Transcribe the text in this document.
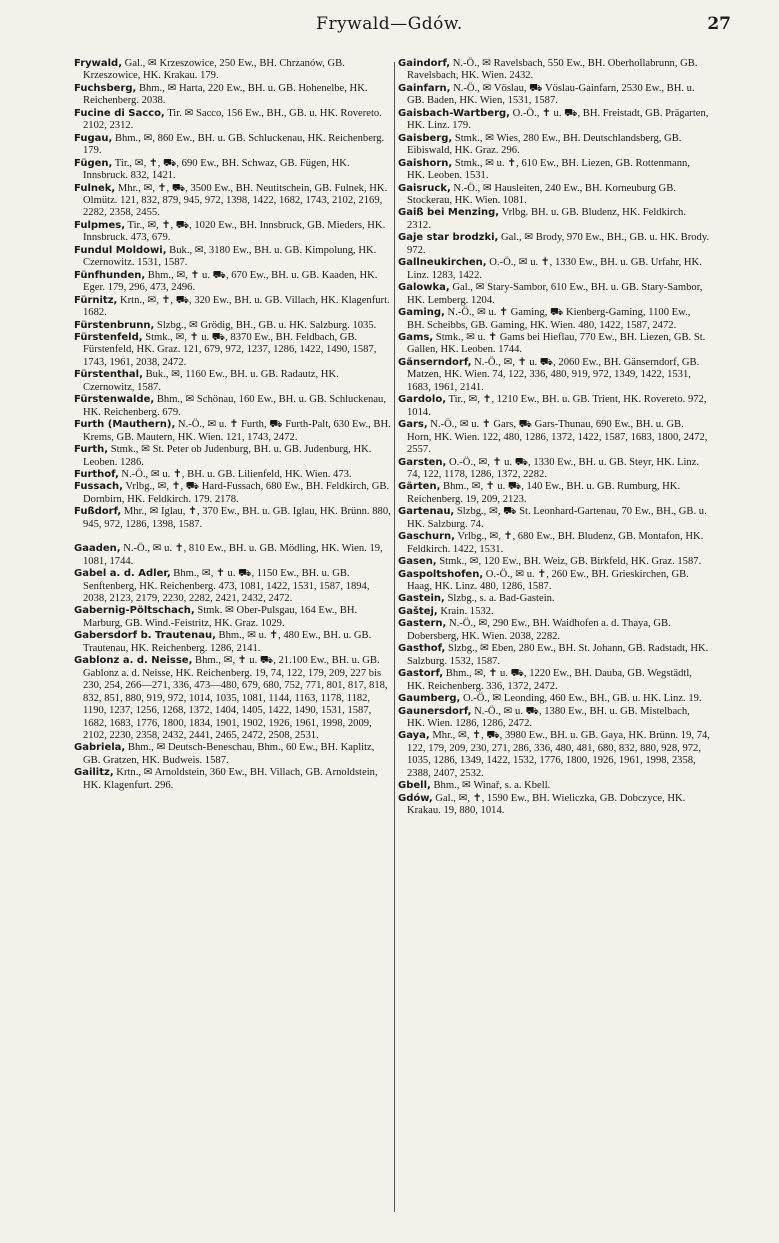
Frywald—Gdów.	27

Frywald, Gal., ✉ Krzeszowice, 250 Ew., BH. Chrzanów, GB. Krzeszowice, HK. Krakau. 179.

Fuchsberg, Bhm., ✉ Harta, 220 Ew., BH. u. GB. Hohenelbe, HK. Reichenberg. 2038.

Fucine di Sacco, Tir. ✉ Sacco, 156 Ew., BH., GB. u. HK. Rovereto. 2102, 2312.

Fugau, Bhm., ✉, 860 Ew., BH. u. GB. Schluckenau, HK. Reichenberg. 179.

Fügen, Tir., ✉, ✝, ⛟, 690 Ew., BH. Schwaz, GB. Fügen, HK. Innsbruck. 832, 1421.

Fulnek, Mhr., ✉, ✝, ⛟, 3500 Ew., BH. Neutitschein, GB. Fulnek, HK. Olmütz. 121, 832, 879, 945, 972, 1398, 1422, 1682, 1743, 2102, 2169, 2282, 2358, 2455.

Fulpmes, Tir., ✉, ✝, ⛟, 1020 Ew., BH. Innsbruck, GB. Mieders, HK. Innsbruck. 473, 679.

Fundul Moldowi, Buk., ✉, 3180 Ew., BH. u. GB. Kimpolung, HK. Czernowitz. 1531, 1587.

Fünfhunden, Bhm., ✉, ✝ u. ⛟, 670 Ew., BH. u. GB. Kaaden, HK. Eger. 179, 296, 473, 2496.

Fürnitz, Krtn., ✉, ✝, ⛟, 320 Ew., BH. u. GB. Villach, HK. Klagenfurt. 1682.

Fürstenbrunn, Slzbg., ✉ Grödig, BH., GB. u. HK. Salzburg. 1035.

Fürstenfeld, Stmk., ✉, ✝ u. ⛟, 8370 Ew., BH. Feldbach, GB. Fürstenfeld, HK. Graz. 121, 679, 972, 1237, 1286, 1422, 1490, 1587, 1743, 1961, 2038, 2472.

Fürstenthal, Buk., ✉, 1160 Ew., BH. u. GB. Radautz, HK. Czernowitz, 1587.

Fürstenwalde, Bhm., ✉ Schönau, 160 Ew., BH. u. GB. Schluckenau, HK. Reichenberg. 679.

Furth (Mauthern), N.-Ö., ✉ u. ✝ Furth, ⛟ Furth-Palt, 630 Ew., BH. Krems, GB. Mautern, HK. Wien. 121, 1743, 2472.

Furth, Stmk., ✉ St. Peter ob Judenburg, BH. u. GB. Judenburg, HK. Leoben. 1286.

Furthof, N.-Ö., ✉ u. ✝, BH. u. GB. Lilienfeld, HK. Wien. 473.

Fussach, Vrlbg., ✉, ✝, ⛟ Hard-Fussach, 680 Ew., BH. Feldkirch, GB. Dornbirn, HK. Feldkirch. 179. 2178.

Fußdorf, Mhr., ✉ Iglau, ✝, 370 Ew., BH. u. GB. Iglau, HK. Brünn. 880, 945, 972, 1286, 1398, 1587.

Gaaden, N.-Ö., ✉ u. ✝, 810 Ew., BH. u. GB. Mödling, HK. Wien. 19, 1081, 1744.

Gabel a. d. Adler, Bhm., ✉, ✝ u. ⛟, 1150 Ew., BH. u. GB. Senftenberg, HK. Reichenberg. 473, 1081, 1422, 1531, 1587, 1894, 2038, 2123, 2179, 2230, 2282, 2421, 2432, 2472.

Gabernig-Pöltschach, Stmk. ✉ Ober-Pulsgau, 164 Ew., BH. Marburg, GB. Wind.-Feistritz, HK. Graz. 1029.

Gabersdorf b. Trautenau, Bhm., ✉ u. ✝, 480 Ew., BH. u. GB. Trautenau, HK. Reichenberg. 1286, 2141.

Gablonz a. d. Neisse, Bhm., ✉, ✝ u. ⛟, 21.100 Ew., BH. u. GB. Gablonz a. d. Neisse, HK. Reichenberg. 19, 74, 122, 179, 209, 227 bis 230, 254, 266—271, 336, 473—480, 679, 680, 752, 771, 801, 817, 818, 832, 851, 880, 919, 972, 1014, 1035, 1081, 1144, 1163, 1178, 1182, 1190, 1237, 1256, 1268, 1372, 1404, 1405, 1422, 1490, 1531, 1587, 1682, 1683, 1776, 1800, 1834, 1901, 1902, 1926, 1961, 1998, 2009, 2102, 2230, 2358, 2432, 2441, 2465, 2472, 2508, 2531.

Gabriela, Bhm., ✉ Deutsch-Beneschau, Bhm., 60 Ew., BH. Kaplitz, GB. Gratzen, HK. Budweis. 1587.

Gailitz, Krtn., ✉ Arnoldstein, 360 Ew., BH. Villach, GB. Arnoldstein, HK. Klagenfurt. 296.

Gaindorf, N.-Ö., ✉ Ravelsbach, 550 Ew., BH. Oberhollabrunn, GB. Ravelsbach, HK. Wien. 2432.

Gainfarn, N.-Ö., ✉ Vöslau, ⛟ Vöslau-Gainfarn, 2530 Ew., BH. u. GB. Baden, HK. Wien, 1531, 1587.

Gaisbach-Wartberg, O.-Ö., ✝ u. ⛟, BH. Freistadt, GB. Prägarten, HK. Linz. 179.

Gaisberg, Stmk., ✉ Wies, 280 Ew., BH. Deutschlandsberg, GB. Eibiswald, HK. Graz. 296.

Gaishorn, Stmk., ✉ u. ✝, 610 Ew., BH. Liezen, GB. Rottenmann, HK. Leoben. 1531.

Gaisruck, N.-Ö., ✉ Hausleiten, 240 Ew., BH. Korneuburg GB. Stockerau, HK. Wien. 1081.

Gaiß bei Menzing, Vrlbg. BH. u. GB. Bludenz, HK. Feldkirch. 2312.

Gaje star brodzki, Gal., ✉ Brody, 970 Ew., BH., GB. u. HK. Brody. 972.

Gallneukirchen, O.-Ö., ✉ u. ✝, 1330 Ew., BH. u. GB. Urfahr, HK. Linz. 1283, 1422.

Galowka, Gal., ✉ Stary-Sambor, 610 Ew., BH. u. GB. Stary-Sambor, HK. Lemberg. 1204.

Gaming, N.-Ö., ✉ u. ✝ Gaming, ⛟ Kienberg-Gaming, 1100 Ew., BH. Scheibbs, GB. Gaming, HK. Wien. 480, 1422, 1587, 2472.

Gams, Stmk., ✉ u. ✝ Gams bei Hieflau, 770 Ew., BH. Liezen, GB. St. Gallen, HK. Leoben. 1744.

Gänserndorf, N.-Ö., ✉, ✝ u. ⛟, 2060 Ew., BH. Gänserndorf, GB. Matzen, HK. Wien. 74, 122, 336, 480, 919, 972, 1349, 1422, 1531, 1683, 1961, 2141.

Gardolo, Tir., ✉, ✝, 1210 Ew., BH. u. GB. Trient, HK. Rovereto. 972, 1014.

Gars, N.-Ö., ✉ u. ✝ Gars, ⛟ Gars-Thunau, 690 Ew., BH. u. GB. Horn, HK. Wien. 122, 480, 1286, 1372, 1422, 1587, 1683, 1800, 2472, 2557.

Garsten, O.-Ö., ✉, ✝ u. ⛟, 1330 Ew., BH. u. GB. Steyr, HK. Linz. 74, 122, 1178, 1286, 1372, 2282.

Gärten, Bhm., ✉, ✝ u. ⛟, 140 Ew., BH. u. GB. Rumburg, HK. Reichenberg. 19, 209, 2123.

Gartenau, Slzbg., ✉, ⛟ St. Leonhard-Gartenau, 70 Ew., BH., GB. u. HK. Salzburg. 74.

Gaschurn, Vrlbg., ✉, ✝, 680 Ew., BH. Bludenz, GB. Montafon, HK. Feldkirch. 1422, 1531.

Gasen, Stmk., ✉, 120 Ew., BH. Weiz, GB. Birkfeld, HK. Graz. 1587.

Gaspoltshofen, O.-Ö., ✉ u. ✝, 260 Ew., BH. Grieskirchen, GB. Haag, HK. Linz. 480, 1286, 1587.

Gastein, Slzbg., s. a. Bad-Gastein.

Gaštej, Krain. 1532.

Gastern, N.-Ö., ✉, 290 Ew., BH. Waidhofen a. d. Thaya, GB. Dobersberg, HK. Wien. 2038, 2282.

Gasthof, Slzbg., ✉ Eben, 280 Ew., BH. St. Johann, GB. Radstadt, HK. Salzburg. 1532, 1587.

Gastorf, Bhm., ✉, ✝ u. ⛟, 1220 Ew., BH. Dauba, GB. Wegstädtl, HK. Reichenberg. 336, 1372, 2472.

Gaumberg, O.-Ö., ✉ Leonding, 460 Ew., BH., GB. u. HK. Linz. 19.

Gaunersdorf, N.-Ö., ✉ u. ⛟, 1380 Ew., BH. u. GB. Mistelbach, HK. Wien. 1286, 1286, 2472.

Gaya, Mhr., ✉, ✝, ⛟, 3980 Ew., BH. u. GB. Gaya, HK. Brünn. 19, 74, 122, 179, 209, 230, 271, 286, 336, 480, 481, 680, 832, 880, 928, 972, 1035, 1286, 1349, 1422, 1532, 1776, 1800, 1926, 1961, 1998, 2358, 2388, 2407, 2532.

Gbell, Bhm., ✉ Winař, s. a. Kbell.

Gdów, Gal., ✉, ✝, 1590 Ew., BH. Wieliczka, GB. Dobczyce, HK. Krakau. 19, 880, 1014.
